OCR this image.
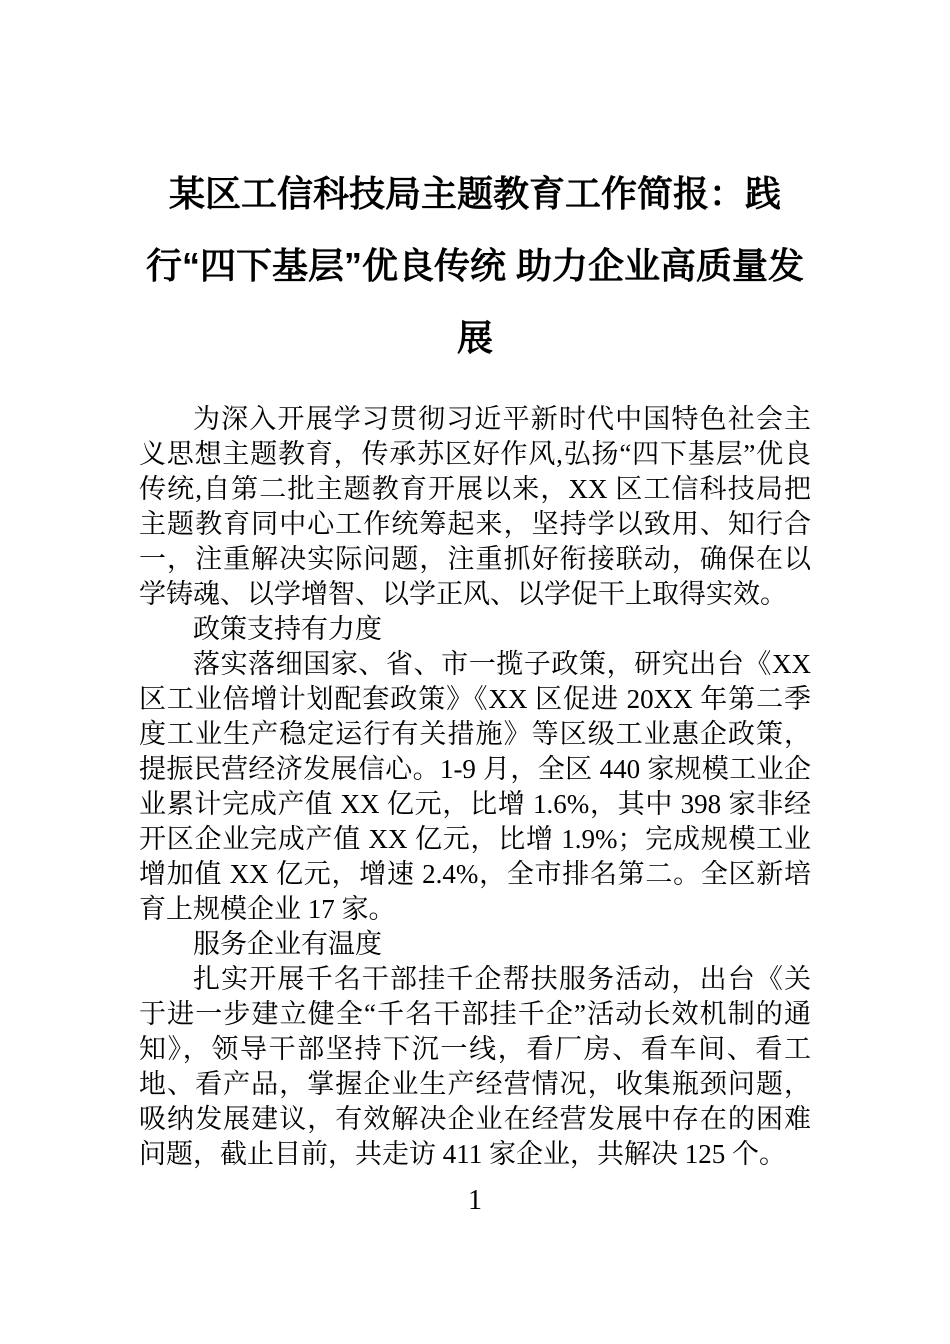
某区工信科技局主题教育工作简报：践行“四下基层”优良传统 助力企业高质量发展

为深入开展学习贯彻习近平新时代中国特色社会主义思想主题教育，传承苏区好作风,弘扬“四下基层”优良传统,自第二批主题教育开展以来，XX 区工信科技局把主题教育同中心工作统筹起来，坚持学以致用、知行合一，注重解决实际问题，注重抓好衔接联动，确保在以学铸魂、以学增智、以学正风、以学促干上取得实效。

政策支持有力度

落实落细国家、省、市一揽子政策，研究出台《XX 区工业倍增计划配套政策》《XX 区促进 20XX 年第二季度工业生产稳定运行有关措施》等区级工业惠企政策，提振民营经济发展信心。1-9 月，全区 440 家规模工业企业累计完成产值 XX 亿元，比增 1.6%，其中 398 家非经开区企业完成产值 XX 亿元，比增 1.9%；完成规模工业增加值 XX 亿元，增速 2.4%，全市排名第二。全区新培育上规模企业 17 家。

服务企业有温度

扎实开展千名干部挂千企帮扶服务活动，出台《关于进一步建立健全“千名干部挂千企”活动长效机制的通知》，领导干部坚持下沉一线，看厂房、看车间、看工地、看产品，掌握企业生产经营情况，收集瓶颈问题，吸纳发展建议，有效解决企业在经营发展中存在的困难问题，截止目前，共走访 411 家企业，共解决 125 个。

1
